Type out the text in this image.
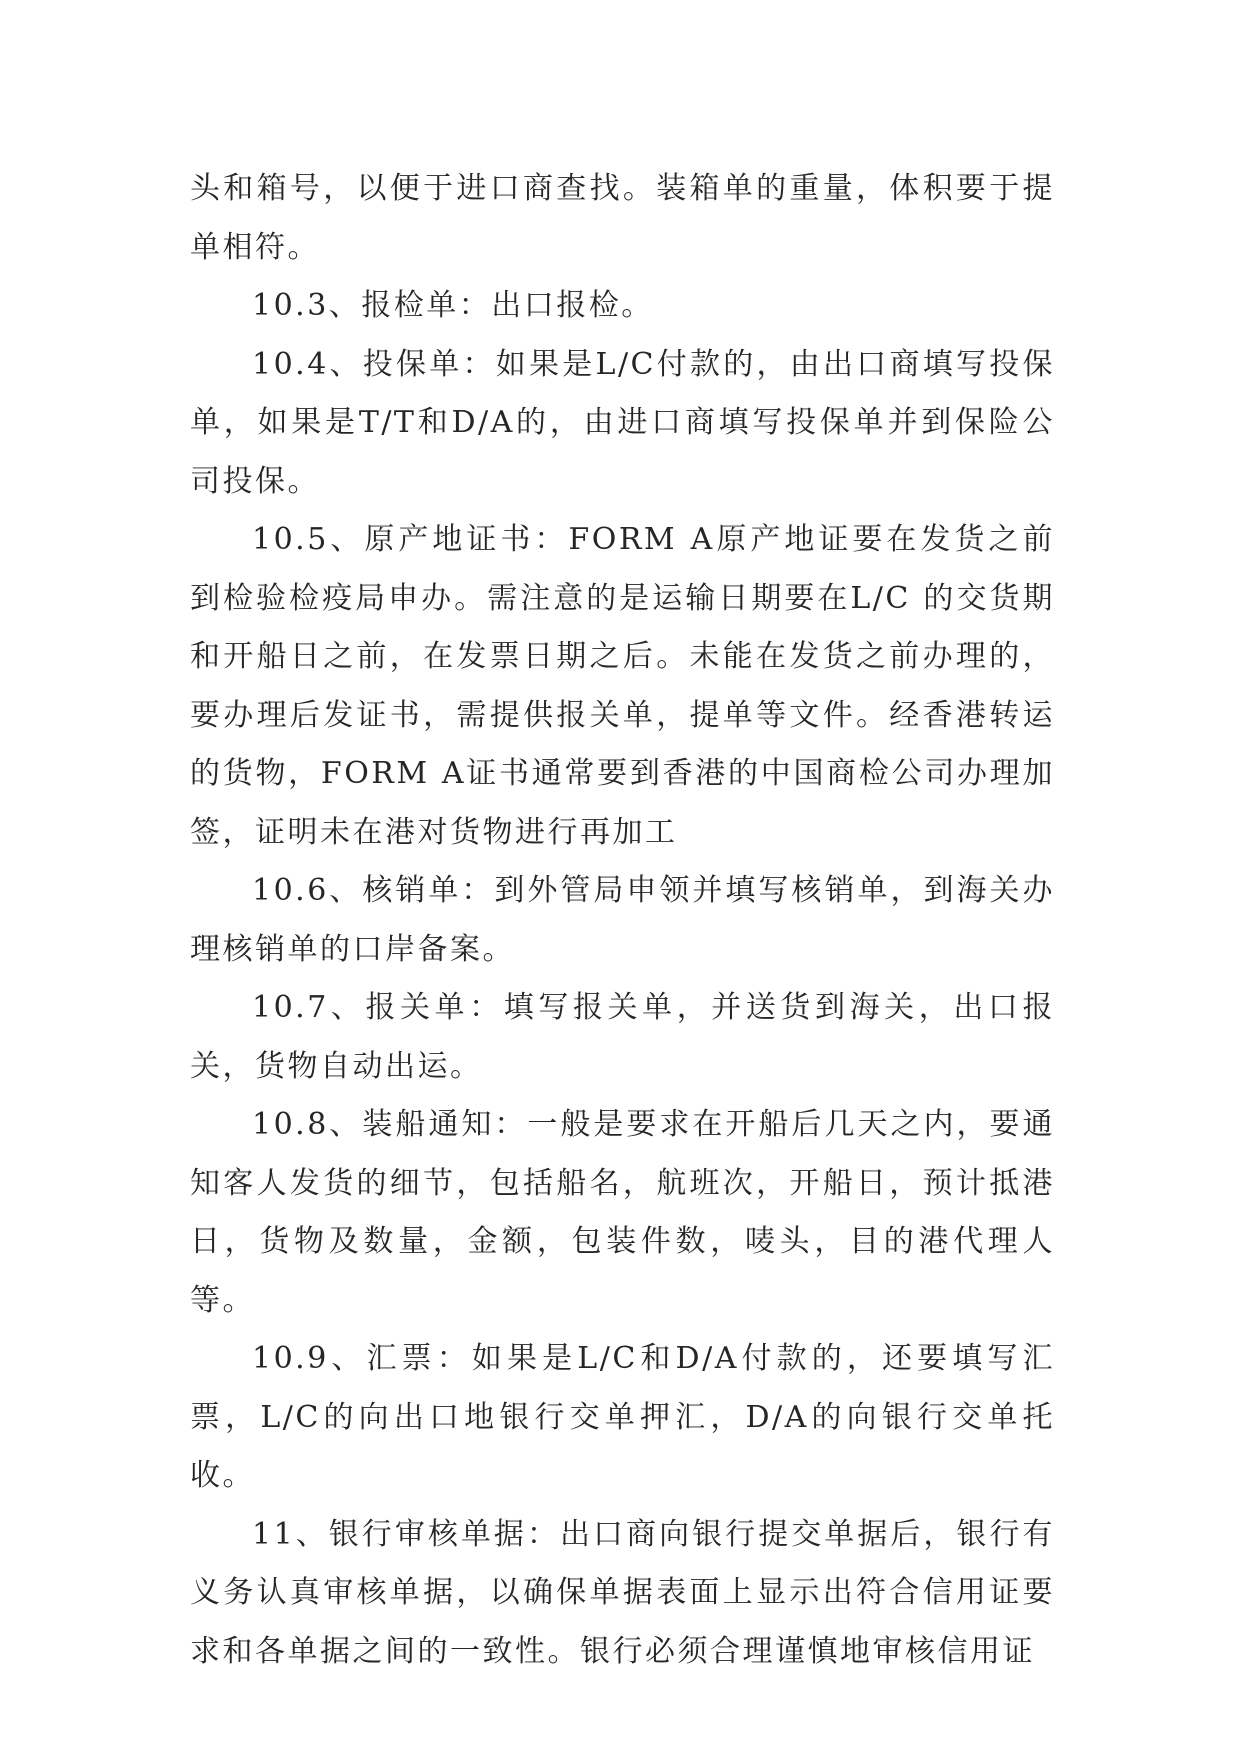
头和箱号，以便于进口商查找。装箱单的重量，体积要于提单相符。

10.3、报检单：出口报检。

10.4、投保单：如果是L/C付款的，由出口商填写投保单，如果是T/T和D/A的，由进口商填写投保单并到保险公司投保。

10.5、原产地证书：FORM A原产地证要在发货之前到检验检疫局申办。需注意的是运输日期要在L/C 的交货期和开船日之前，在发票日期之后。未能在发货之前办理的，要办理后发证书，需提供报关单，提单等文件。经香港转运的货物，FORM A证书通常要到香港的中国商检公司办理加签，证明未在港对货物进行再加工

10.6、核销单：到外管局申领并填写核销单，到海关办理核销单的口岸备案。

10.7、报关单：填写报关单，并送货到海关，出口报关，货物自动出运。

10.8、装船通知：一般是要求在开船后几天之内，要通知客人发货的细节，包括船名，航班次，开船日，预计抵港日，货物及数量，金额，包装件数，唛头，目的港代理人等。

10.9、汇票：如果是L/C和D/A付款的，还要填写汇票，L/C的向出口地银行交单押汇，D/A的向银行交单托收。

11、银行审核单据：出口商向银行提交单据后，银行有义务认真审核单据，以确保单据表面上显示出符合信用证要求和各单据之间的一致性。银行必须合理谨慎地审核信用证
